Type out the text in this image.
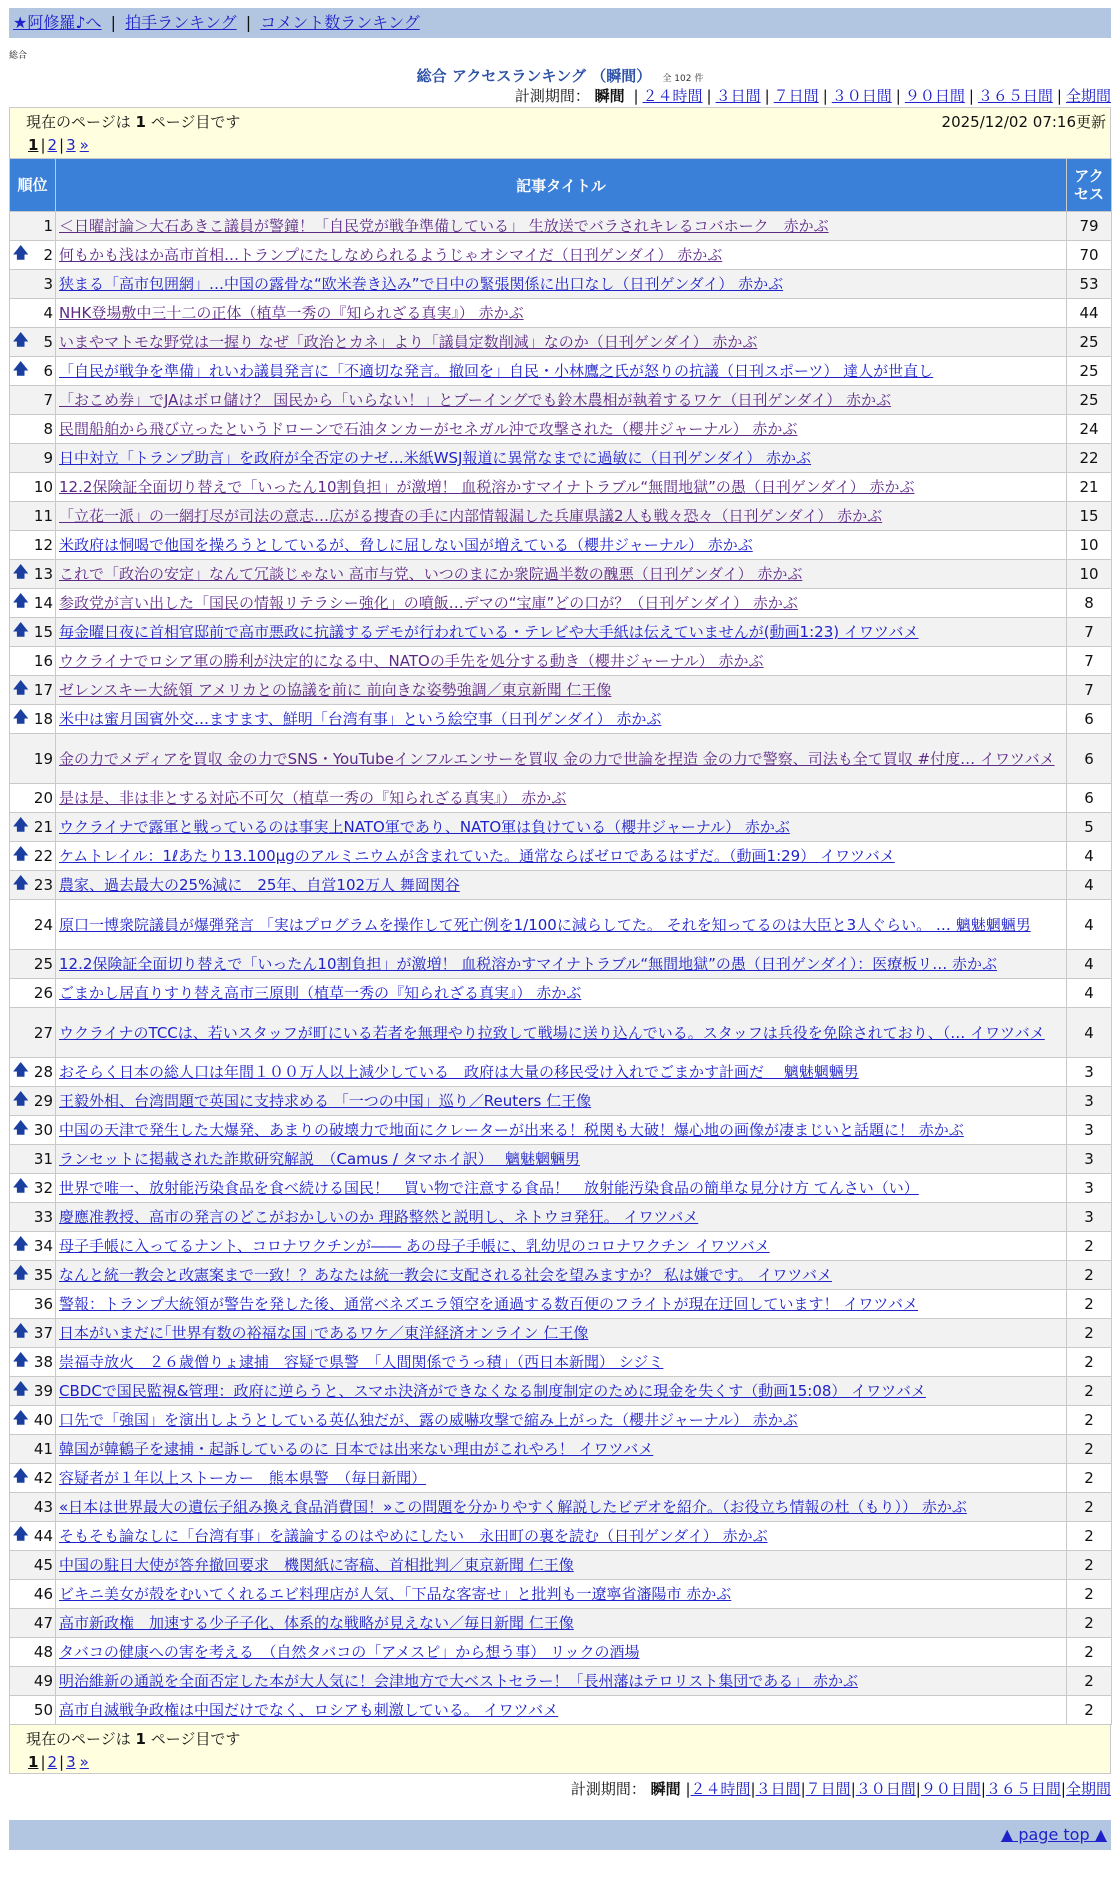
★阿修羅♪へ | 拍手ランキング | コメント数ランキング
総合
総合 アクセスランキング （瞬間） 全 102 件
計測期間： 瞬間 | ２４時間 | ３日間 | ７日間 | ３０日間 | ９０日間 | ３６５日間 | 全期間
現在のページは 1 ページ目です	2025/12/02 07:16更新
1 | 2 | 3 »
順位	記事タイトル	アクセス
1	＜日曜討論＞大石あきこ議員が警鐘！「自民党が戦争準備している」 生放送でバラされキレるコバホーク　赤かぶ	79

🡅 2	何もかも浅はか高市首相…トランプにたしなめられるようじゃオシマイだ（日刊ゲンダイ） 赤かぶ	70
3	狭まる「高市包囲網」…中国の露骨な“欧米巻き込み”で日中の緊張関係に出口なし（日刊ゲンダイ） 赤かぶ	53
4	NHK登場敷中三十二の正体（植草一秀の『知られざる真実』） 赤かぶ	44

🡅 5	いまやマトモな野党は一握り なぜ「政治とカネ」より「議員定数削減」なのか（日刊ゲンダイ） 赤かぶ	25

🡅 6	「自民が戦争を準備」れいわ議員発言に「不適切な発言。撤回を」自民・小林鷹之氏が怒りの抗議（日刊スポーツ） 達人が世直し	25
7	「おこめ券」でJAはボロ儲け？ 国民から「いらない！」とブーイングでも鈴木農相が執着するワケ（日刊ゲンダイ） 赤かぶ	25
8	民間船舶から飛び立ったというドローンで石油タンカーがセネガル沖で攻撃された（櫻井ジャーナル） 赤かぶ	24
9	日中対立「トランプ助言」を政府が全否定のナゼ…米紙WSJ報道に異常なまでに過敏に（日刊ゲンダイ） 赤かぶ	22
10	12.2保険証全面切り替えで「いったん10割負担」が激増！ 血税溶かすマイナトラブル“無間地獄”の愚（日刊ゲンダイ） 赤かぶ	21
11	「立花一派」の一網打尽が司法の意志…広がる捜査の手に内部情報漏した兵庫県議2人も戦々恐々（日刊ゲンダイ） 赤かぶ	15
12	米政府は恫喝で他国を操ろうとしているが、脅しに屈しない国が増えている（櫻井ジャーナル） 赤かぶ	10

🡅 13	これで「政治の安定」なんて冗談じゃない 高市与党、いつのまにか衆院過半数の醜悪（日刊ゲンダイ） 赤かぶ	10

🡅 14	参政党が言い出した「国民の情報リテラシー強化」の噴飯…デマの“宝庫”どの口が？（日刊ゲンダイ） 赤かぶ	8

🡅 15	毎金曜日夜に首相官邸前で高市悪政に抗議するデモが行われている・テレビや大手紙は伝えていませんが(動画1:23) イワツバメ	7
16	ウクライナでロシア軍の勝利が決定的になる中、NATOの手先を処分する動き（櫻井ジャーナル） 赤かぶ	7

🡅 17	ゼレンスキー大統領 アメリカとの協議を前に 前向きな姿勢強調／東京新聞 仁王像	7

🡅 18	米中は蜜月国賓外交…ますます、鮮明「台湾有事」という絵空事（日刊ゲンダイ） 赤かぶ	6
19	金の力でメディアを買収 金の力でSNS・YouTubeインフルエンサーを買収 金の力で世論を捏造 金の力で警察、司法も全て買収 #付度… イワツバメ	6
20	是は是、非は非とする対応不可欠（植草一秀の『知られざる真実』） 赤かぶ	6

🡅 21	ウクライナで露軍と戦っているのは事実上NATO軍であり、NATO軍は負けている（櫻井ジャーナル） 赤かぶ	5

🡅 22	ケムトレイル：1ℓあたり13.100μgのアルミニウムが含まれていた。通常ならばゼロであるはずだ。（動画1:29） イワツバメ	4

🡅 23	農家、過去最大の25%減に　25年、自営102万人 舞岡関谷	4
24	原口一博衆院議員が爆弾発言 「実はプログラムを操作して死亡例を1/100に減らしてた。 それを知ってるのは大臣と3人ぐらい。 … 魑魅魍魎男	4
25	12.2保険証全面切り替えで「いったん10割負担」が激増！ 血税溶かすマイナトラブル“無間地獄”の愚（日刊ゲンダイ）：医療板リ… 赤かぶ	4
26	ごまかし居直りすり替え高市三原則（植草一秀の『知られざる真実』） 赤かぶ	4
27	ウクライナのTCCは、若いスタッフが町にいる若者を無理やり拉致して戦場に送り込んでいる。スタッフは兵役を免除されており、（… イワツバメ	4

🡅 28	おそらく日本の総人口は年間１００万人以上減少している　政府は大量の移民受け入れでごまかす計画だ　 魑魅魍魎男	3

🡅 29	王毅外相、台湾問題で英国に支持求める 「一つの中国」巡り／Reuters 仁王像	3

🡅 30	中国の天津で発生した大爆発、あまりの破壊力で地面にクレーターが出来る！税関も大破！爆心地の画像が凄まじいと話題に！ 赤かぶ	3
31	ランセットに掲載された詐欺研究解説　（Camus / タマホイ訳）　 魑魅魍魎男	3

🡅 32	世界で唯一、放射能汚染食品を食べ続ける国民！　買い物で注意する食品！　放射能汚染食品の簡単な見分け方 てんさい（い）	3
33	慶應准教授、高市の発言のどこがおかしいのか 理路整然と説明し、ネトウヨ発狂。 イワツバメ	3

🡅 34	母子手帳に入ってるナント、コロナワクチンが―― あの母子手帳に、乳幼児のコロナワクチン イワツバメ	2

🡅 35	なんと統一教会と改憲案まで一致！？あなたは統一教会に支配される社会を望みますか？ 私は嫌です。 イワツバメ	2
36	警報：トランプ大統領が警告を発した後、通常ベネズエラ領空を通過する数百便のフライトが現在迂回しています！ イワツバメ	2

🡅 37	日本がいまだに｢世界有数の裕福な国｣であるワケ／東洋経済オンライン 仁王像	2

🡅 38	崇福寺放火　２６歳僧りょ逮捕　容疑で県警　「人間関係でうっ積」（西日本新聞） シジミ	2

🡅 39	CBDCで国民監視&管理：政府に逆らうと、スマホ決済ができなくなる制度制定のために現金を失くす（動画15:08） イワツバメ	2

🡅 40	口先で「強国」を演出しようとしている英仏独だが、露の威嚇攻撃で縮み上がった（櫻井ジャーナル） 赤かぶ	2
41	韓国が韓鶴子を逮捕・起訴しているのに 日本では出来ない理由がこれやろ！ イワツバメ	2

🡅 42	容疑者が１年以上ストーカー　熊本県警　（毎日新聞）	2
43	«日本は世界最大の遺伝子組み換え食品消費国！»この問題を分かりやすく解説したビデオを紹介。（お役立ち情報の杜（もり）） 赤かぶ	2

🡅 44	そもそも論なしに「台湾有事」を議論するのはやめにしたい　永田町の裏を読む（日刊ゲンダイ） 赤かぶ	2
45	中国の駐日大使が答弁撤回要求　機関紙に寄稿、首相批判／東京新聞 仁王像	2
46	ビキニ美女が殻をむいてくれるエビ料理店が人気、「下品な客寄せ」と批判も一遼寧省瀋陽市 赤かぶ	2
47	高市新政権　加速する少子子化、体系的な戦略が見えない／毎日新聞 仁王像	2
48	タバコの健康への害を考える　（自然タバコの「アメスピ」から想う事） リックの酒場	2
49	明治維新の通説を全面否定した本が大人気に！会津地方で大ベストセラー！「長州藩はテロリスト集団である」 赤かぶ	2
50	高市自滅戦争政権は中国だけでなく、ロシアも刺激している。 イワツバメ	2
現在のページは 1 ページ目です
1 | 2 | 3 »
計測期間： 瞬間 |２４時間|３日間|７日間|３０日間|９０日間|３６５日間|全期間
▲ page top ▲
